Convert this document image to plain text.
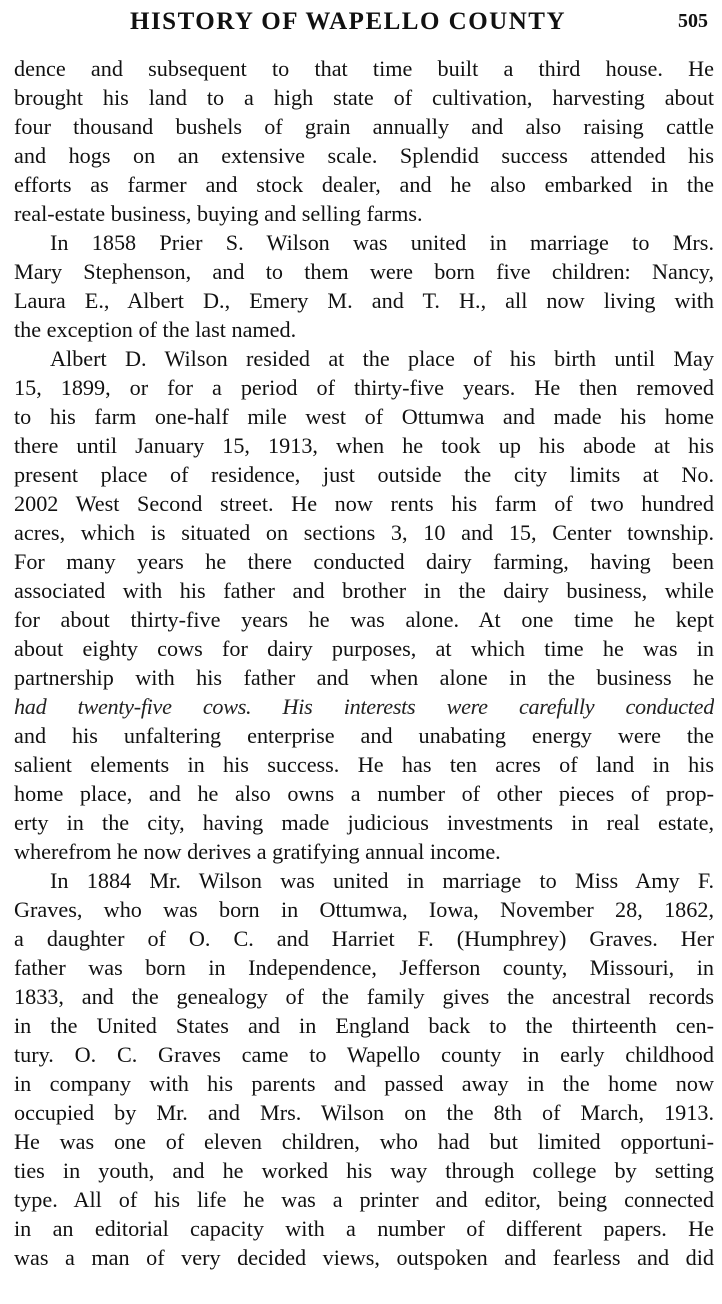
HISTORY OF WAPELLO COUNTY	505
dence and subsequent to that time built a third house. He
brought his land to a high state of cultivation, harvesting about
four thousand bushels of grain annually and also raising cattle
and hogs on an extensive scale. Splendid success attended his
efforts as farmer and stock dealer, and he also embarked in the
real-estate business, buying and selling farms.
In 1858 Prier S. Wilson was united in marriage to Mrs.
Mary Stephenson, and to them were born five children: Nancy,
Laura E., Albert D., Emery M. and T. H., all now living with
the exception of the last named.
Albert D. Wilson resided at the place of his birth until May
15, 1899, or for a period of thirty-five years. He then removed
to his farm one-half mile west of Ottumwa and made his home
there until January 15, 1913, when he took up his abode at his
present place of residence, just outside the city limits at No.
2002 West Second street. He now rents his farm of two hundred
acres, which is situated on sections 3, 10 and 15, Center township.
For many years he there conducted dairy farming, having been
associated with his father and brother in the dairy business, while
for about thirty-five years he was alone. At one time he kept
about eighty cows for dairy purposes, at which time he was in
partnership with his father and when alone in the business he
had twenty-five cows. His interests were carefully conducted
and his unfaltering enterprise and unabating energy were the
salient elements in his success. He has ten acres of land in his
home place, and he also owns a number of other pieces of prop-
erty in the city, having made judicious investments in real estate,
wherefrom he now derives a gratifying annual income.
In 1884 Mr. Wilson was united in marriage to Miss Amy F.
Graves, who was born in Ottumwa, Iowa, November 28, 1862,
a daughter of O. C. and Harriet F. (Humphrey) Graves. Her
father was born in Independence, Jefferson county, Missouri, in
1833, and the genealogy of the family gives the ancestral records
in the United States and in England back to the thirteenth cen-
tury. O. C. Graves came to Wapello county in early childhood
in company with his parents and passed away in the home now
occupied by Mr. and Mrs. Wilson on the 8th of March, 1913.
He was one of eleven children, who had but limited opportuni-
ties in youth, and he worked his way through college by setting
type. All of his life he was a printer and editor, being connected
in an editorial capacity with a number of different papers. He
was a man of very decided views, outspoken and fearless and did
